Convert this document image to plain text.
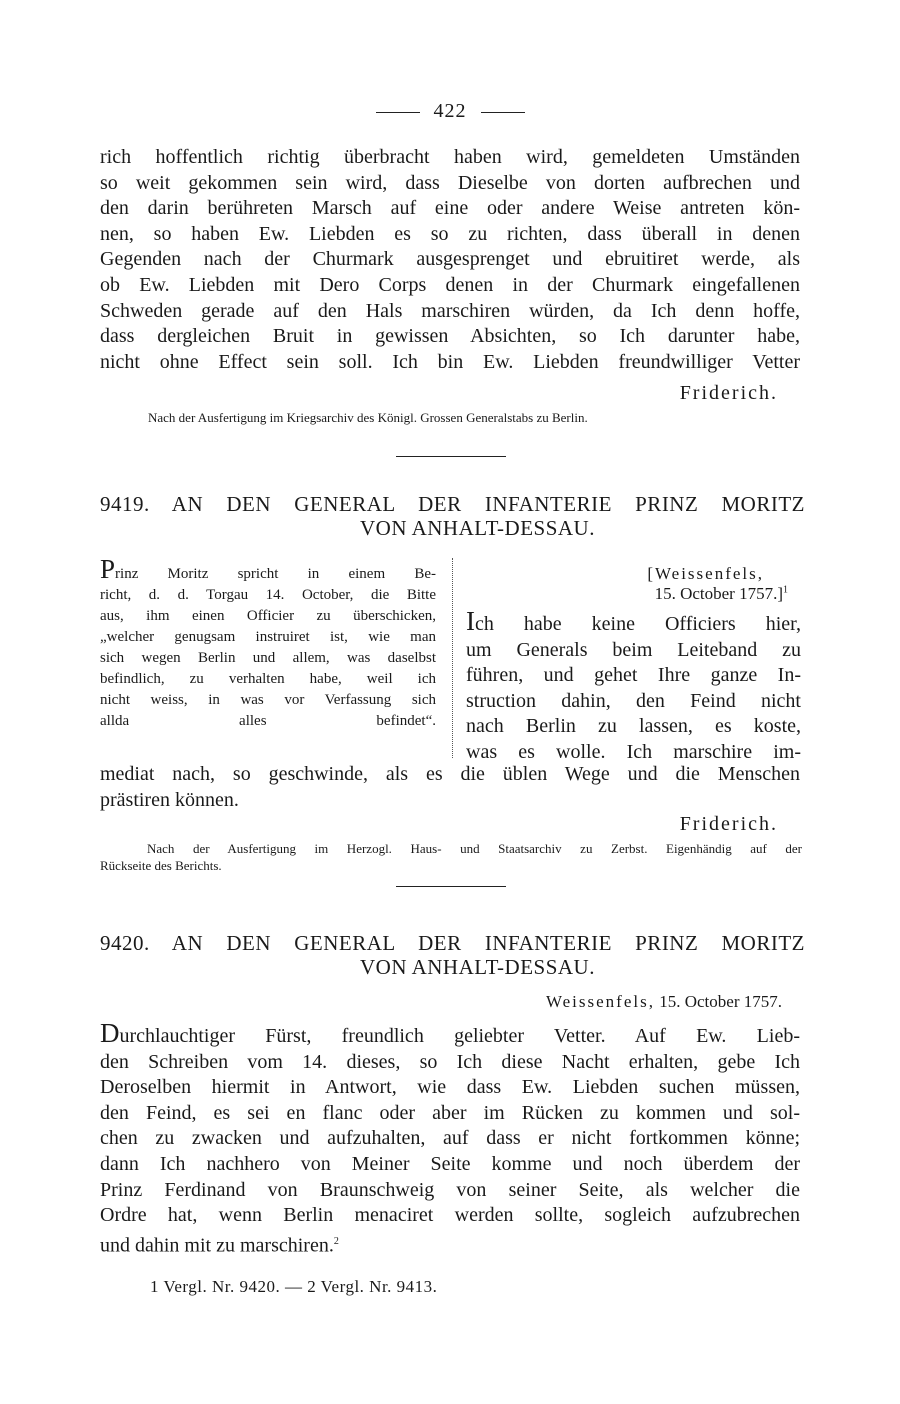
422
rich hoffentlich richtig überbracht haben wird, gemeldeten Umständen
so weit gekommen sein wird, dass Dieselbe von dorten aufbrechen und
den darin berühreten Marsch auf eine oder andere Weise antreten kön-
nen, so haben Ew. Liebden es so zu richten, dass überall in denen
Gegenden nach der Churmark ausgesprenget und ebruitiret werde, als
ob Ew. Liebden mit Dero Corps denen in der Churmark eingefallenen
Schweden gerade auf den Hals marschiren würden, da Ich denn hoffe,
dass dergleichen Bruit in gewissen Absichten, so Ich darunter habe,
nicht ohne Effect sein soll. Ich bin Ew. Liebden freundwilliger Vetter
Friderich.
Nach der Ausfertigung im Kriegsarchiv des Königl. Grossen Generalstabs zu Berlin.
9419. AN DEN GENERAL DER INFANTERIE PRINZ MORITZ
VON ANHALT-DESSAU.
Prinz Moritz spricht in einem Be-
richt, d. d. Torgau 14. October, die Bitte
aus, ihm einen Officier zu überschicken,
„welcher genugsam instruiret ist, wie man
sich wegen Berlin und allem, was daselbst
befindlich, zu verhalten habe, weil ich
nicht weiss, in was vor Verfassung sich
allda alles befindet“.
[Weissenfels,
15. October 1757.]$^1$
Ich habe keine Officiers hier,
um Generals beim Leiteband zu
führen, und gehet Ihre ganze In-
struction dahin, den Feind nicht
nach Berlin zu lassen, es koste,
was es wolle. Ich marschire im-
mediat nach, so geschwinde, als es die üblen Wege und die Menschen
prästiren können.
Friderich.
Nach der Ausfertigung im Herzogl. Haus- und Staatsarchiv zu Zerbst. Eigenhändig auf der
Rückseite des Berichts.
9420. AN DEN GENERAL DER INFANTERIE PRINZ MORITZ
VON ANHALT-DESSAU.
Weissenfels, 15. October 1757.
Durchlauchtiger Fürst, freundlich geliebter Vetter. Auf Ew. Lieb-
den Schreiben vom 14. dieses, so Ich diese Nacht erhalten, gebe Ich
Deroselben hiermit in Antwort, wie dass Ew. Liebden suchen müssen,
den Feind, es sei en flanc oder aber im Rücken zu kommen und sol-
chen zu zwacken und aufzuhalten, auf dass er nicht fortkommen könne;
dann Ich nachhero von Meiner Seite komme und noch überdem der
Prinz Ferdinand von Braunschweig von seiner Seite, als welcher die
Ordre hat, wenn Berlin menaciret werden sollte, sogleich aufzubrechen
und dahin mit zu marschiren.$^2$
1 Vergl. Nr. 9420. — 2 Vergl. Nr. 9413.
